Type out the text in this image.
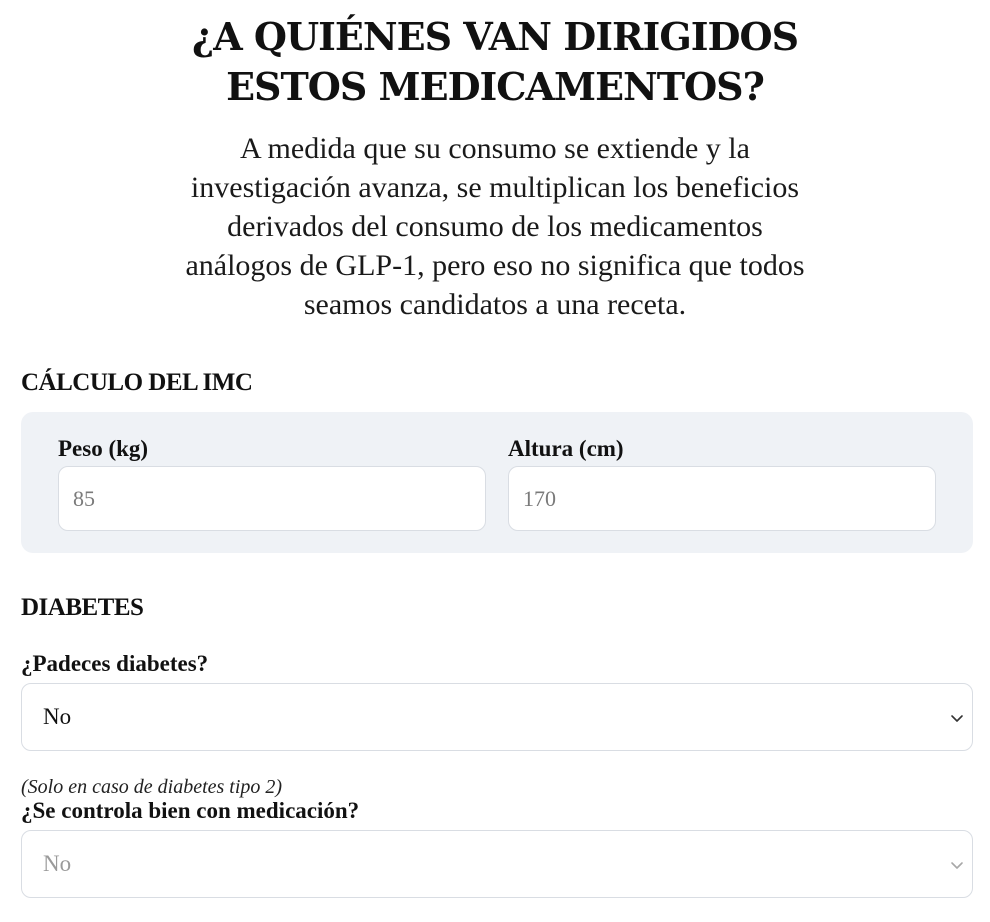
¿A QUIÉNES VAN DIRIGIDOS
ESTOS MEDICAMENTOS?

A medida que su consumo se extiende y la
investigación avanza, se multiplican los beneficios
derivados del consumo de los medicamentos
análogos de GLP-1, pero eso no significa que todos
seamos candidatos a una receta.

CÁLCULO DEL IMC
Peso (kg)
85	Altura (cm)
170
DIABETES
¿Padeces diabetes?
No
(Solo en caso de diabetes tipo 2)
¿Se controla bien con medicación?
No
